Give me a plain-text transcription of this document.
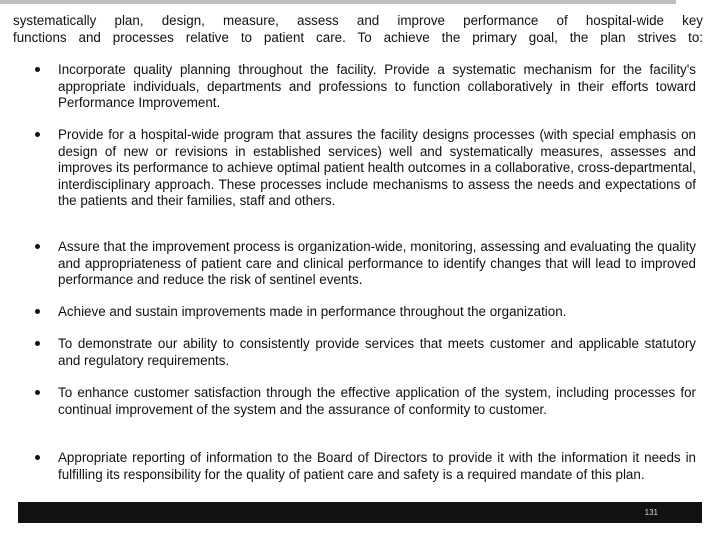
systematically plan, design, measure, assess and improve performance of hospital-wide key
functions and processes relative to patient care. To achieve the primary goal, the plan strives to:
Incorporate quality planning throughout the facility. Provide a systematic mechanism for the facility's appropriate individuals, departments and professions to function collaboratively in their efforts toward Performance Improvement.
Provide for a hospital-wide program that assures the facility designs processes (with special emphasis on design of new or revisions in established services) well and systematically measures, assesses and improves its performance to achieve optimal patient health outcomes in a collaborative, cross-departmental, interdisciplinary approach. These processes include mechanisms to assess the needs and expectations of the patients and their families, staff and others.
Assure that the improvement process is organization-wide, monitoring, assessing and evaluating the quality and appropriateness of patient care and clinical performance to identify changes that will lead to improved performance and reduce the risk of sentinel events.
Achieve and sustain improvements made in performance throughout the organization.
To demonstrate our ability to consistently provide services that meets customer and applicable statutory and regulatory requirements.
To enhance customer satisfaction through the effective application of the system, including processes for continual improvement of the system and the assurance of conformity to customer.
Appropriate reporting of information to the Board of Directors to provide it with the information it needs in fulfilling its responsibility for the quality of patient care and safety is a required mandate of this plan.
131
